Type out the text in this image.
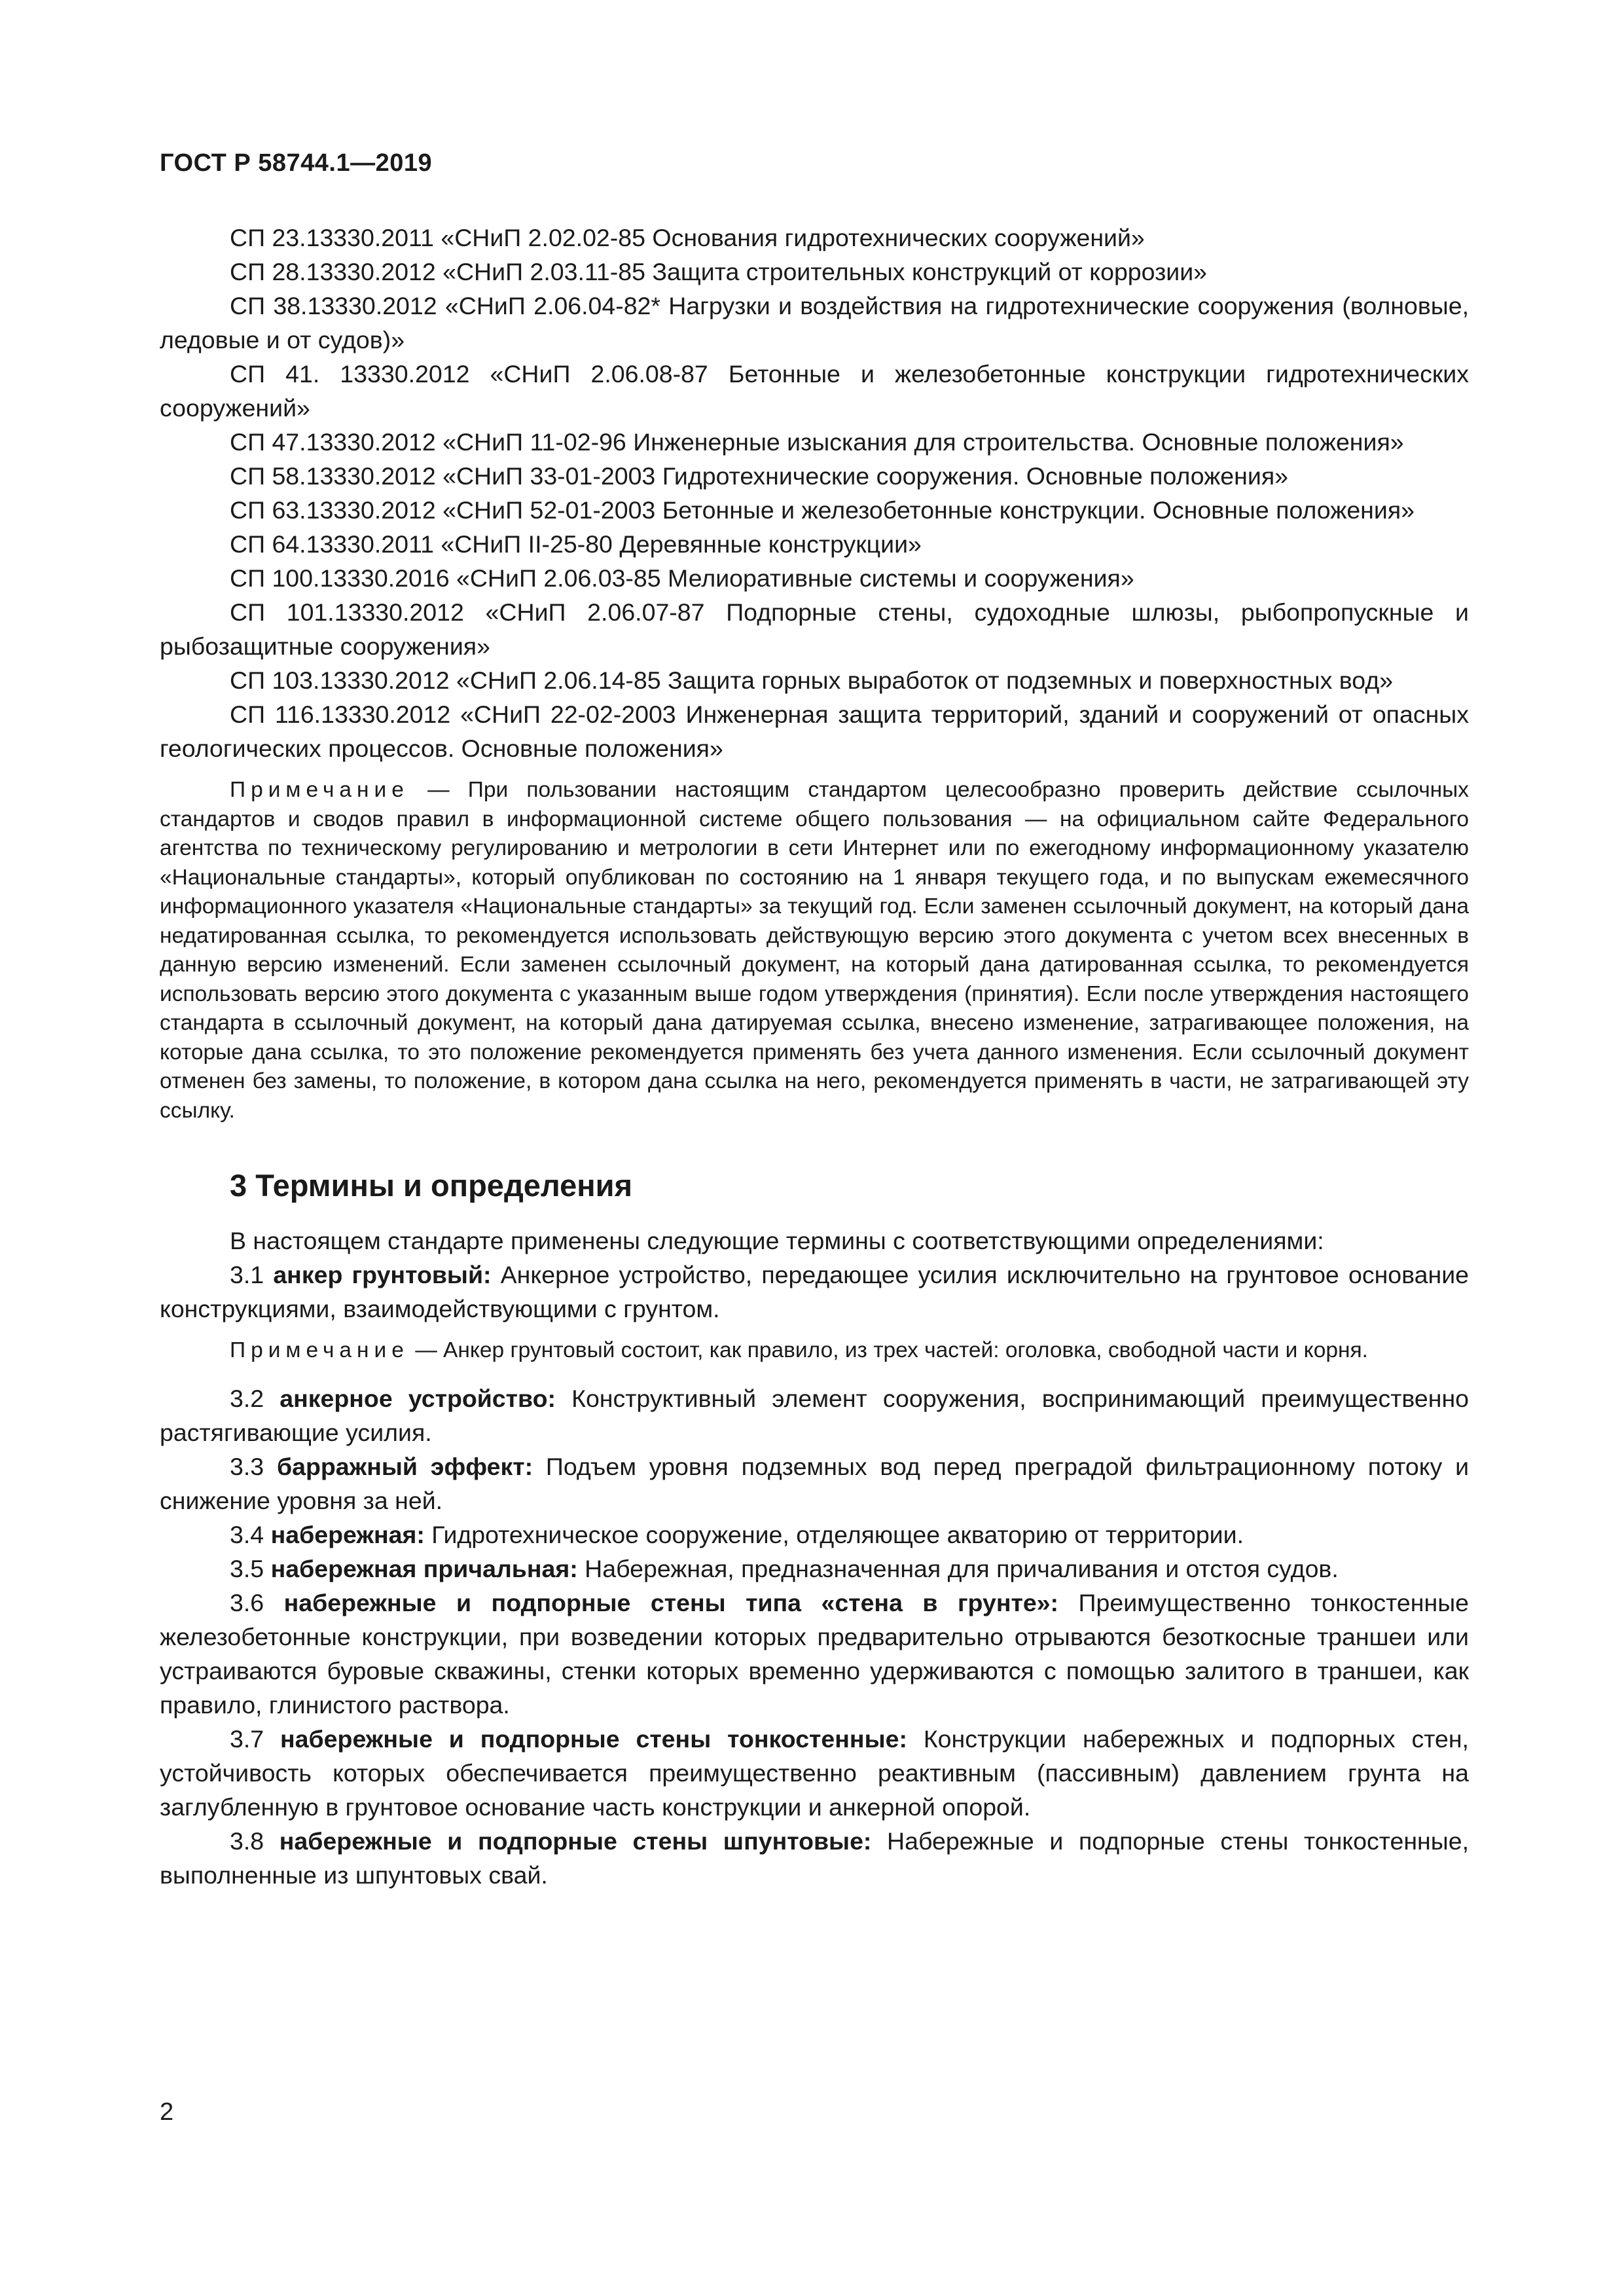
ГОСТ Р 58744.1—2019

СП 23.13330.2011 «СНиП 2.02.02-85 Основания гидротехнических сооружений»

СП 28.13330.2012 «СНиП 2.03.11-85 Защита строительных конструкций от коррозии»

СП 38.13330.2012 «СНиП 2.06.04-82* Нагрузки и воздействия на гидротехнические сооружения (волновые, ледовые и от судов)»

СП 41. 13330.2012 «СНиП 2.06.08-87 Бетонные и железобетонные конструкции гидротехнических сооружений»

СП 47.13330.2012 «СНиП 11-02-96 Инженерные изыскания для строительства. Основные положения»

СП 58.13330.2012 «СНиП 33-01-2003 Гидротехнические сооружения. Основные положения»

СП 63.13330.2012 «СНиП 52-01-2003 Бетонные и железобетонные конструкции. Основные положения»

СП 64.13330.2011 «СНиП II-25-80 Деревянные конструкции»

СП 100.13330.2016 «СНиП 2.06.03-85 Мелиоративные системы и сооружения»

СП 101.13330.2012 «СНиП 2.06.07-87 Подпорные стены, судоходные шлюзы, рыбопропускные и рыбозащитные сооружения»

СП 103.13330.2012 «СНиП 2.06.14-85 Защита горных выработок от подземных и поверхностных вод»

СП 116.13330.2012 «СНиП 22-02-2003 Инженерная защита территорий, зданий и сооружений от опасных геологических процессов. Основные положения»

Примечание — При пользовании настоящим стандартом целесообразно проверить действие ссылочных стандартов и сводов правил в информационной системе общего пользования — на официальном сайте Федерального агентства по техническому регулированию и метрологии в сети Интернет или по ежегодному информационному указателю «Национальные стандарты», который опубликован по состоянию на 1 января текущего года, и по выпускам ежемесячного информационного указателя «Национальные стандарты» за текущий год. Если заменен ссылочный документ, на который дана недатированная ссылка, то рекомендуется использовать действующую версию этого документа с учетом всех внесенных в данную версию изменений. Если заменен ссылочный документ, на который дана датированная ссылка, то рекомендуется использовать версию этого документа с указанным выше годом утверждения (принятия). Если после утверждения настоящего стандарта в ссылочный документ, на который дана датируемая ссылка, внесено изменение, затрагивающее положения, на которые дана ссылка, то это положение рекомендуется применять без учета данного изменения. Если ссылочный документ отменен без замены, то положение, в котором дана ссылка на него, рекомендуется применять в части, не затрагивающей эту ссылку.

3 Термины и определения

В настоящем стандарте применены следующие термины с соответствующими определениями:

3.1 анкер грунтовый: Анкерное устройство, передающее усилия исключительно на грунтовое основание конструкциями, взаимодействующими с грунтом.

Примечание — Анкер грунтовый состоит, как правило, из трех частей: оголовка, свободной части и корня.

3.2 анкерное устройство: Конструктивный элемент сооружения, воспринимающий преимущественно растягивающие усилия.

3.3 барражный эффект: Подъем уровня подземных вод перед преградой фильтрационному потоку и снижение уровня за ней.

3.4 набережная: Гидротехническое сооружение, отделяющее акваторию от территории.

3.5 набережная причальная: Набережная, предназначенная для причаливания и отстоя судов.

3.6 набережные и подпорные стены типа «стена в грунте»: Преимущественно тонкостенные железобетонные конструкции, при возведении которых предварительно отрываются безоткосные траншеи или устраиваются буровые скважины, стенки которых временно удерживаются с помощью залитого в траншеи, как правило, глинистого раствора.

3.7 набережные и подпорные стены тонкостенные: Конструкции набережных и подпорных стен, устойчивость которых обеспечивается преимущественно реактивным (пассивным) давлением грунта на заглубленную в грунтовое основание часть конструкции и анкерной опорой.

3.8 набережные и подпорные стены шпунтовые: Набережные и подпорные стены тонкостенные, выполненные из шпунтовых свай.

2
